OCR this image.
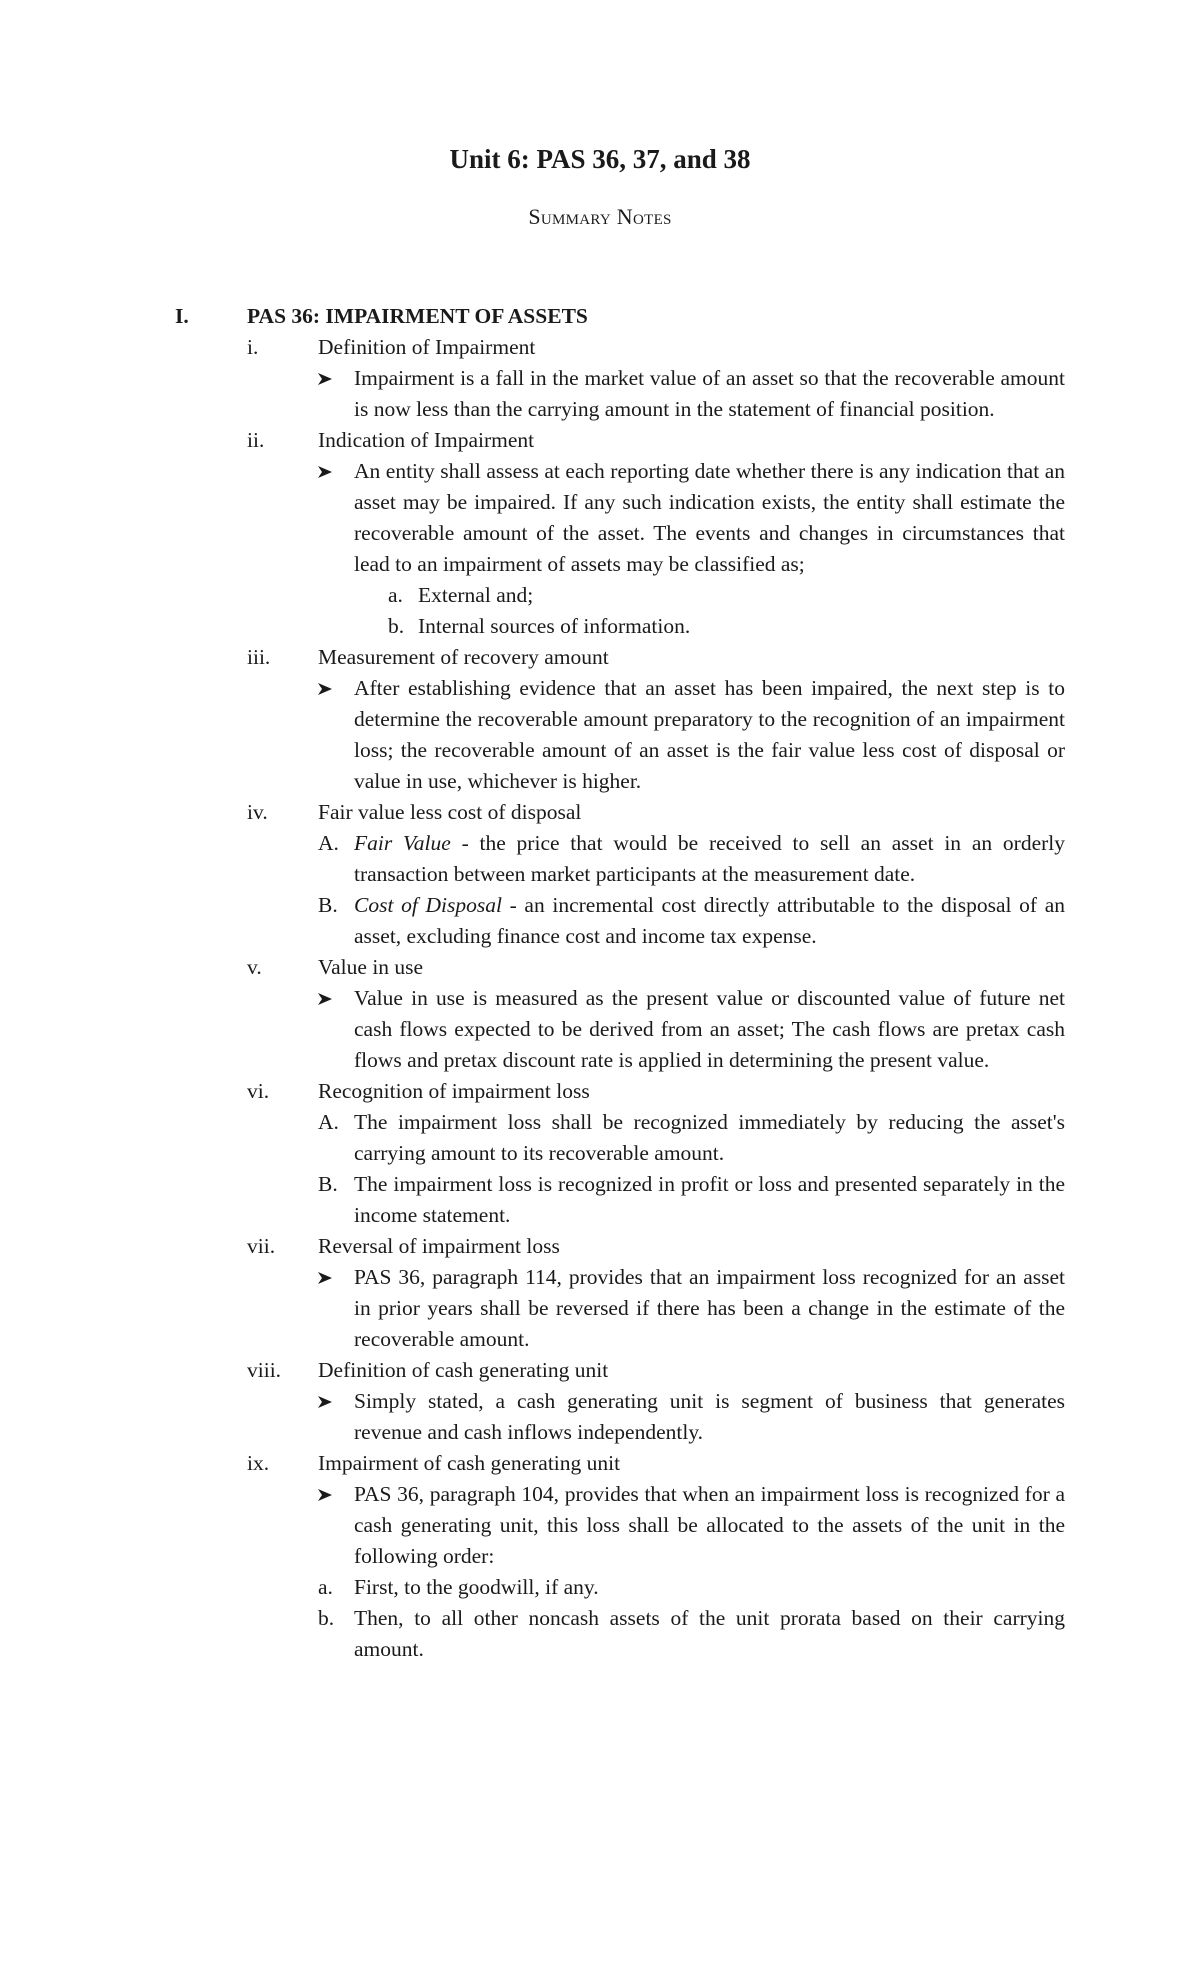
Unit 6: PAS 36, 37, and 38
Summary Notes
I.	PAS 36: IMPAIRMENT OF ASSETS
i.	Definition of Impairment
Impairment is a fall in the market value of an asset so that the recoverable amount is now less than the carrying amount in the statement of financial position.
ii. Indication of Impairment
An entity shall assess at each reporting date whether there is any indication that an asset may be impaired. If any such indication exists, the entity shall estimate the recoverable amount of the asset. The events and changes in circumstances that lead to an impairment of assets may be classified as;
a. External and;
b. Internal sources of information.
iii. Measurement of recovery amount
After establishing evidence that an asset has been impaired, the next step is to determine the recoverable amount preparatory to the recognition of an impairment loss; the recoverable amount of an asset is the fair value less cost of disposal or value in use, whichever is higher.
iv. Fair value less cost of disposal
A. Fair Value - the price that would be received to sell an asset in an orderly transaction between market participants at the measurement date.
B. Cost of Disposal - an incremental cost directly attributable to the disposal of an asset, excluding finance cost and income tax expense.
v.	Value in use
Value in use is measured as the present value or discounted value of future net cash flows expected to be derived from an asset; The cash flows are pretax cash flows and pretax discount rate is applied in determining the present value.
vi. Recognition of impairment loss
A. The impairment loss shall be recognized immediately by reducing the asset's carrying amount to its recoverable amount.
B. The impairment loss is recognized in profit or loss and presented separately in the income statement.
vii. Reversal of impairment loss
PAS 36, paragraph 114, provides that an impairment loss recognized for an asset in prior years shall be reversed if there has been a change in the estimate of the recoverable amount.
viii. Definition of cash generating unit
Simply stated, a cash generating unit is segment of business that generates revenue and cash inflows independently.
ix. Impairment of cash generating unit
PAS 36, paragraph 104, provides that when an impairment loss is recognized for a cash generating unit, this loss shall be allocated to the assets of the unit in the following order:
a. First, to the goodwill, if any.
b. Then, to all other noncash assets of the unit prorata based on their carrying amount.
